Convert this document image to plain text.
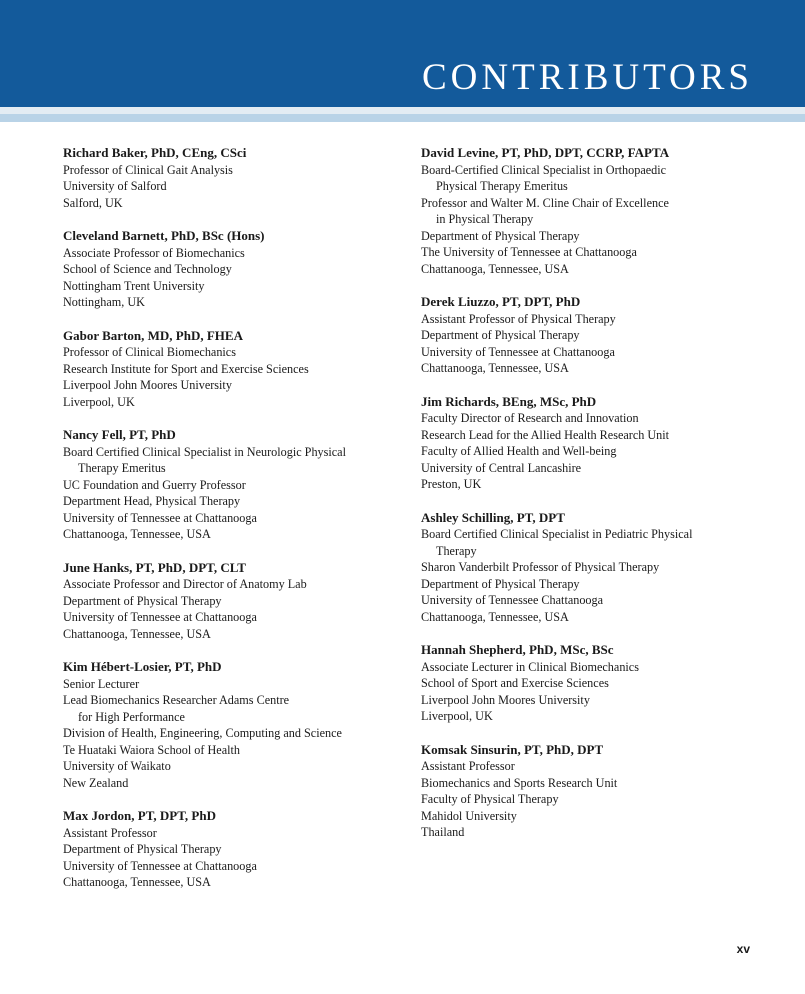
CONTRIBUTORS
Richard Baker, PhD, CEng, CSci
Professor of Clinical Gait Analysis
University of Salford
Salford, UK
Cleveland Barnett, PhD, BSc (Hons)
Associate Professor of Biomechanics
School of Science and Technology
Nottingham Trent University
Nottingham, UK
Gabor Barton, MD, PhD, FHEA
Professor of Clinical Biomechanics
Research Institute for Sport and Exercise Sciences
Liverpool John Moores University
Liverpool, UK
Nancy Fell, PT, PhD
Board Certified Clinical Specialist in Neurologic Physical
Therapy Emeritus
UC Foundation and Guerry Professor
Department Head, Physical Therapy
University of Tennessee at Chattanooga
Chattanooga, Tennessee, USA
June Hanks, PT, PhD, DPT, CLT
Associate Professor and Director of Anatomy Lab
Department of Physical Therapy
University of Tennessee at Chattanooga
Chattanooga, Tennessee, USA
Kim Hébert-Losier, PT, PhD
Senior Lecturer
Lead Biomechanics Researcher Adams Centre
for High Performance
Division of Health, Engineering, Computing and Science
Te Huataki Waiora School of Health
University of Waikato
New Zealand
Max Jordon, PT, DPT, PhD
Assistant Professor
Department of Physical Therapy
University of Tennessee at Chattanooga
Chattanooga, Tennessee, USA
David Levine, PT, PhD, DPT, CCRP, FAPTA
Board-Certified Clinical Specialist in Orthopaedic
Physical Therapy Emeritus
Professor and Walter M. Cline Chair of Excellence
in Physical Therapy
Department of Physical Therapy
The University of Tennessee at Chattanooga
Chattanooga, Tennessee, USA
Derek Liuzzo, PT, DPT, PhD
Assistant Professor of Physical Therapy
Department of Physical Therapy
University of Tennessee at Chattanooga
Chattanooga, Tennessee, USA
Jim Richards, BEng, MSc, PhD
Faculty Director of Research and Innovation
Research Lead for the Allied Health Research Unit
Faculty of Allied Health and Well-being
University of Central Lancashire
Preston, UK
Ashley Schilling, PT, DPT
Board Certified Clinical Specialist in Pediatric Physical
Therapy
Sharon Vanderbilt Professor of Physical Therapy
Department of Physical Therapy
University of Tennessee Chattanooga
Chattanooga, Tennessee, USA
Hannah Shepherd, PhD, MSc, BSc
Associate Lecturer in Clinical Biomechanics
School of Sport and Exercise Sciences
Liverpool John Moores University
Liverpool, UK
Komsak Sinsurin, PT, PhD, DPT
Assistant Professor
Biomechanics and Sports Research Unit
Faculty of Physical Therapy
Mahidol University
Thailand
xv
